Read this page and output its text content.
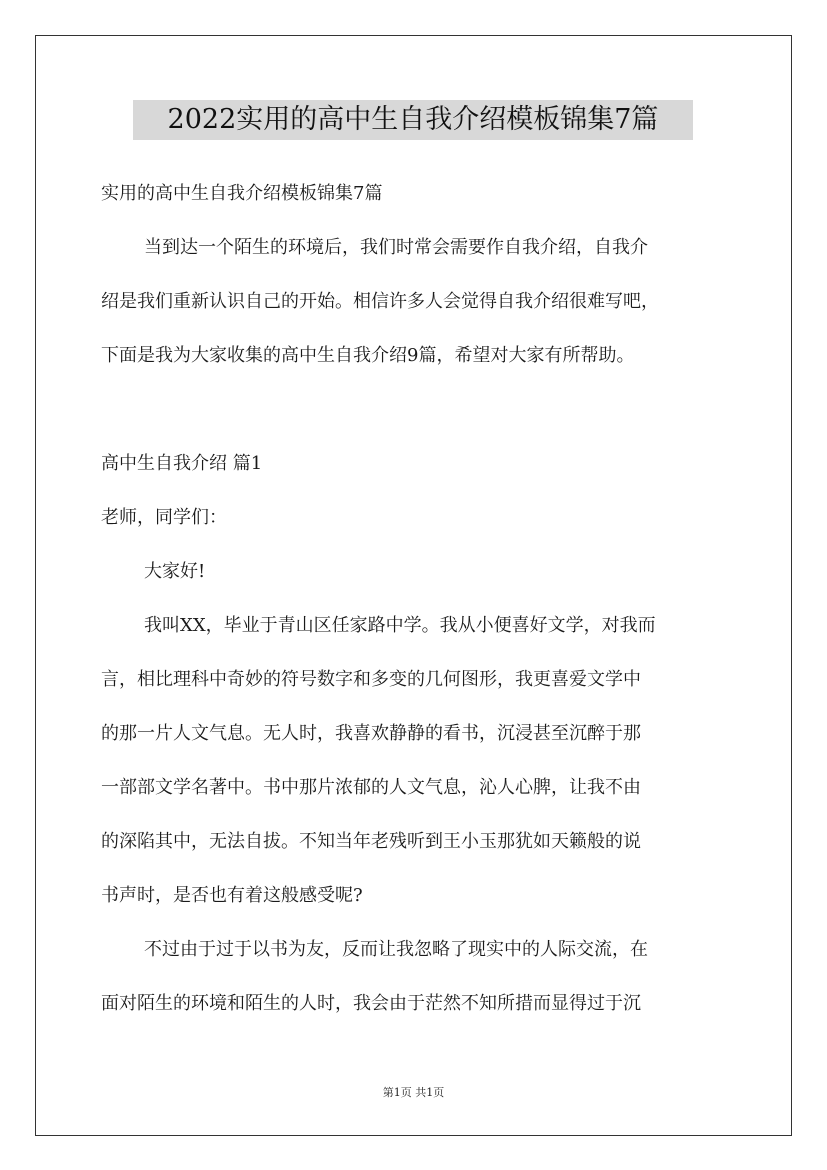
2022实用的高中生自我介绍模板锦集7篇
实用的高中生自我介绍模板锦集7篇
当到达一个陌生的环境后，我们时常会需要作自我介绍，自我介
绍是我们重新认识自己的开始。相信许多人会觉得自我介绍很难写吧，
下面是我为大家收集的高中生自我介绍9篇，希望对大家有所帮助。
高中生自我介绍 篇1
老师，同学们：
大家好!
我叫XX，毕业于青山区任家路中学。我从小便喜好文学，对我而
言，相比理科中奇妙的符号数字和多变的几何图形，我更喜爱文学中
的那一片人文气息。无人时，我喜欢静静的看书，沉浸甚至沉醉于那
一部部文学名著中。书中那片浓郁的人文气息，沁人心脾，让我不由
的深陷其中，无法自拔。不知当年老残听到王小玉那犹如天籁般的说
书声时，是否也有着这般感受呢?
不过由于过于以书为友，反而让我忽略了现实中的人际交流，在
面对陌生的环境和陌生的人时，我会由于茫然不知所措而显得过于沉
第1页 共1页
